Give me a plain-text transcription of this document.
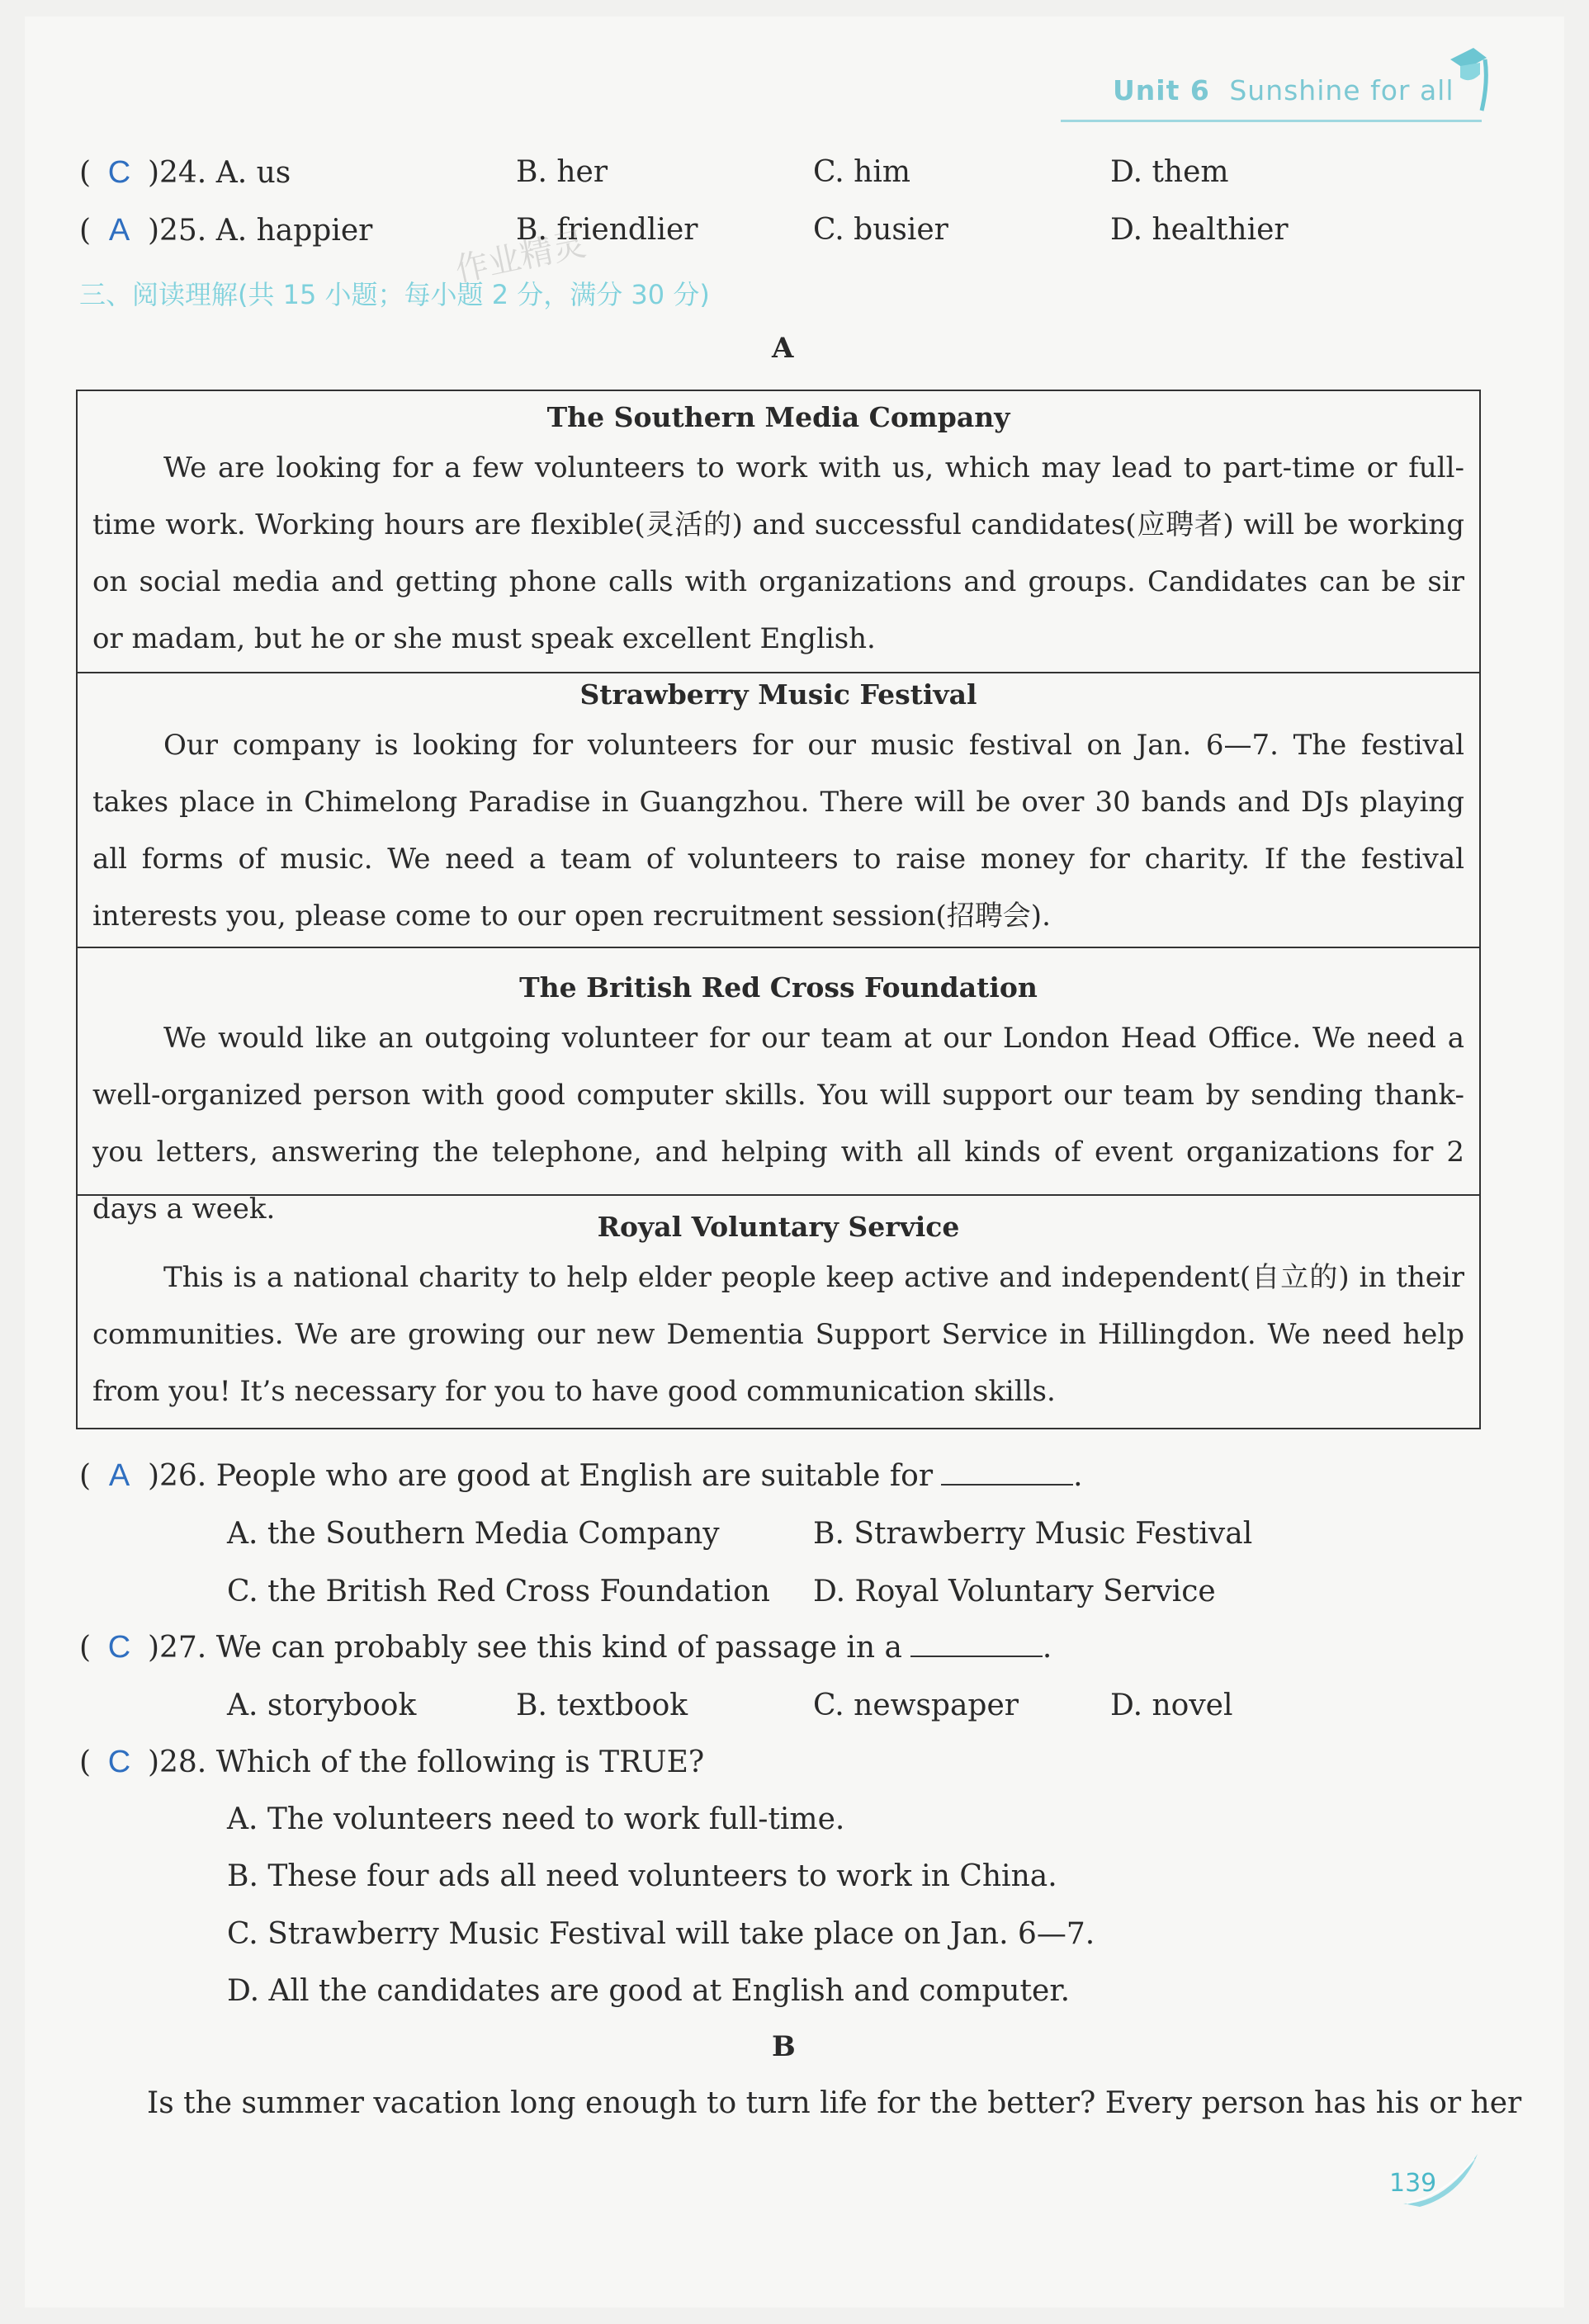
Unit 6 Sunshine for all
( C )24. A. us	B. her	C. him	D. them
( A )25. A. happier	B. friendlier	C. busier	D. healthier
作业精灵
三、阅读理解(共 15 小题；每小题 2 分，满分 30 分)
A
The Southern Media Company

We are looking for a few volunteers to work with us, which may lead to part-time or full-time work. Working hours are flexible(灵活的) and successful candidates(应聘者) will be working on social media and getting phone calls with organizations and groups. Candidates can be sir or madam, but he or she must speak excellent English.

Strawberry Music Festival

Our company is looking for volunteers for our music festival on Jan. 6—7. The festival takes place in Chimelong Paradise in Guangzhou. There will be over 30 bands and DJs playing all forms of music. We need a team of volunteers to raise money for charity. If the festival interests you, please come to our open recruitment session(招聘会).

The British Red Cross Foundation

We would like an outgoing volunteer for our team at our London Head Office. We need a well-organized person with good computer skills. You will support our team by sending thank-you letters, answering the telephone, and helping with all kinds of event organizations for 2 days a week.

Royal Voluntary Service

This is a national charity to help elder people keep active and independent(自立的) in their communities. We are growing our new Dementia Support Service in Hillingdon. We need help from you! It’s necessary for you to have good communication skills.

( A )26. People who are good at English are suitable for	.
A. the Southern Media Company	B. Strawberry Music Festival
C. the British Red Cross Foundation D. Royal Voluntary Service
( C )27. We can probably see this kind of passage in a	.
A. storybook	B. textbook	C. newspaper	D. novel
( C )28. Which of the following is TRUE?
A. The volunteers need to work full-time.
B. These four ads all need volunteers to work in China.
C. Strawberry Music Festival will take place on Jan. 6—7.
D. All the candidates are good at English and computer.
B
Is the summer vacation long enough to turn life for the better? Every person has his or her
139
